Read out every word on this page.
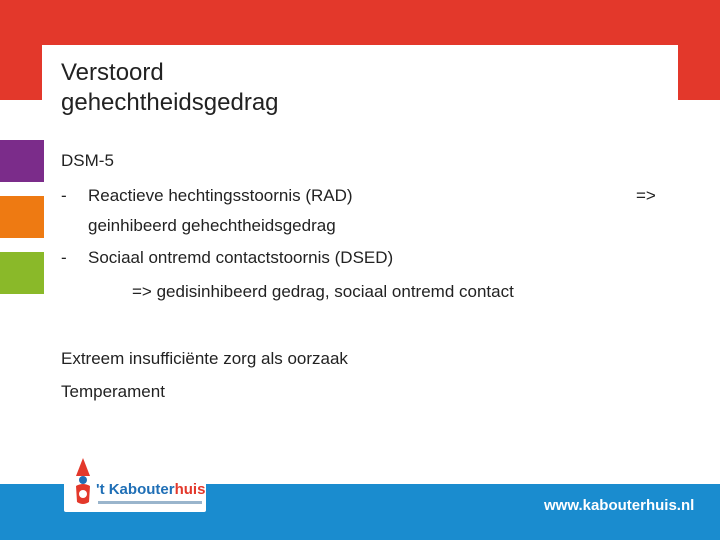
Verstoord
gehechtheidsgedrag
DSM-5
- Reactieve hechtingsstoornis (RAD)	=>
geinhibeerd gehechtheidsgedrag
- Sociaal ontremd contactstoornis (DSED)
=> gedisinhibeerd gedrag, sociaal ontremd contact
Extreem insufficiënte zorg als oorzaak
Temperament
't Kabouterhuis
www.kabouterhuis.nl
